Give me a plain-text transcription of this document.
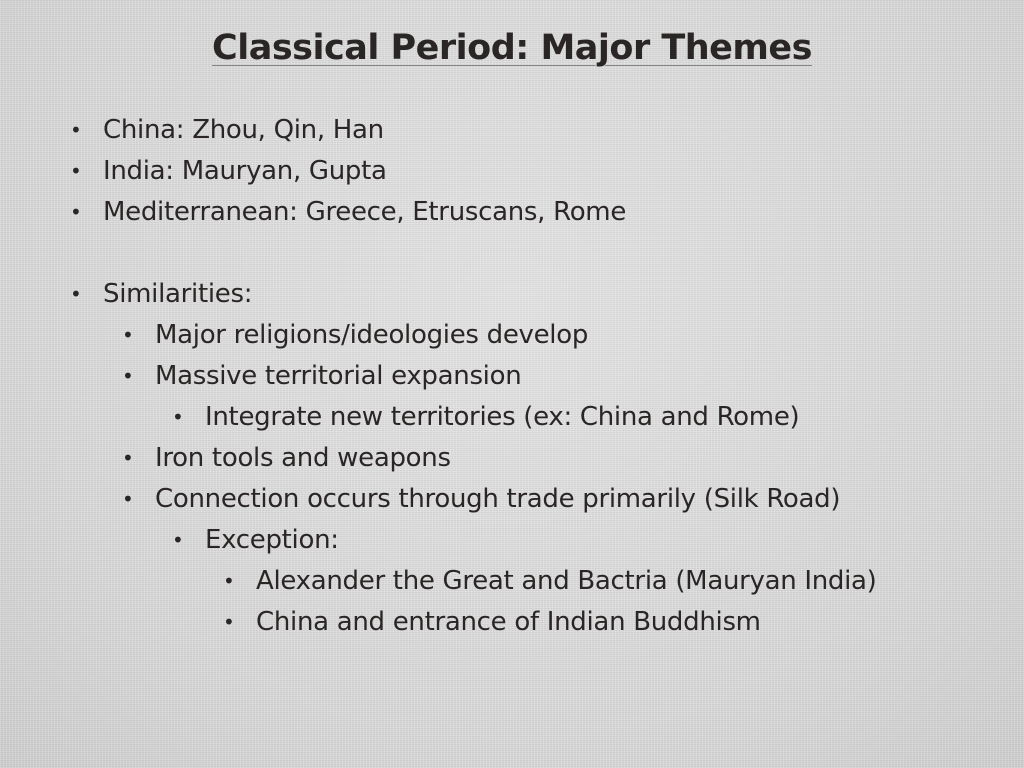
Classical Period: Major Themes
• China: Zhou, Qin, Han
• India: Mauryan, Gupta
• Mediterranean: Greece, Etruscans, Rome
• Similarities:
• Major religions/ideologies develop
• Massive territorial expansion
• Integrate new territories (ex: China and Rome)
• Iron tools and weapons
• Connection occurs through trade primarily (Silk Road)
• Exception:
• Alexander the Great and Bactria (Mauryan India)
• China and entrance of Indian Buddhism
